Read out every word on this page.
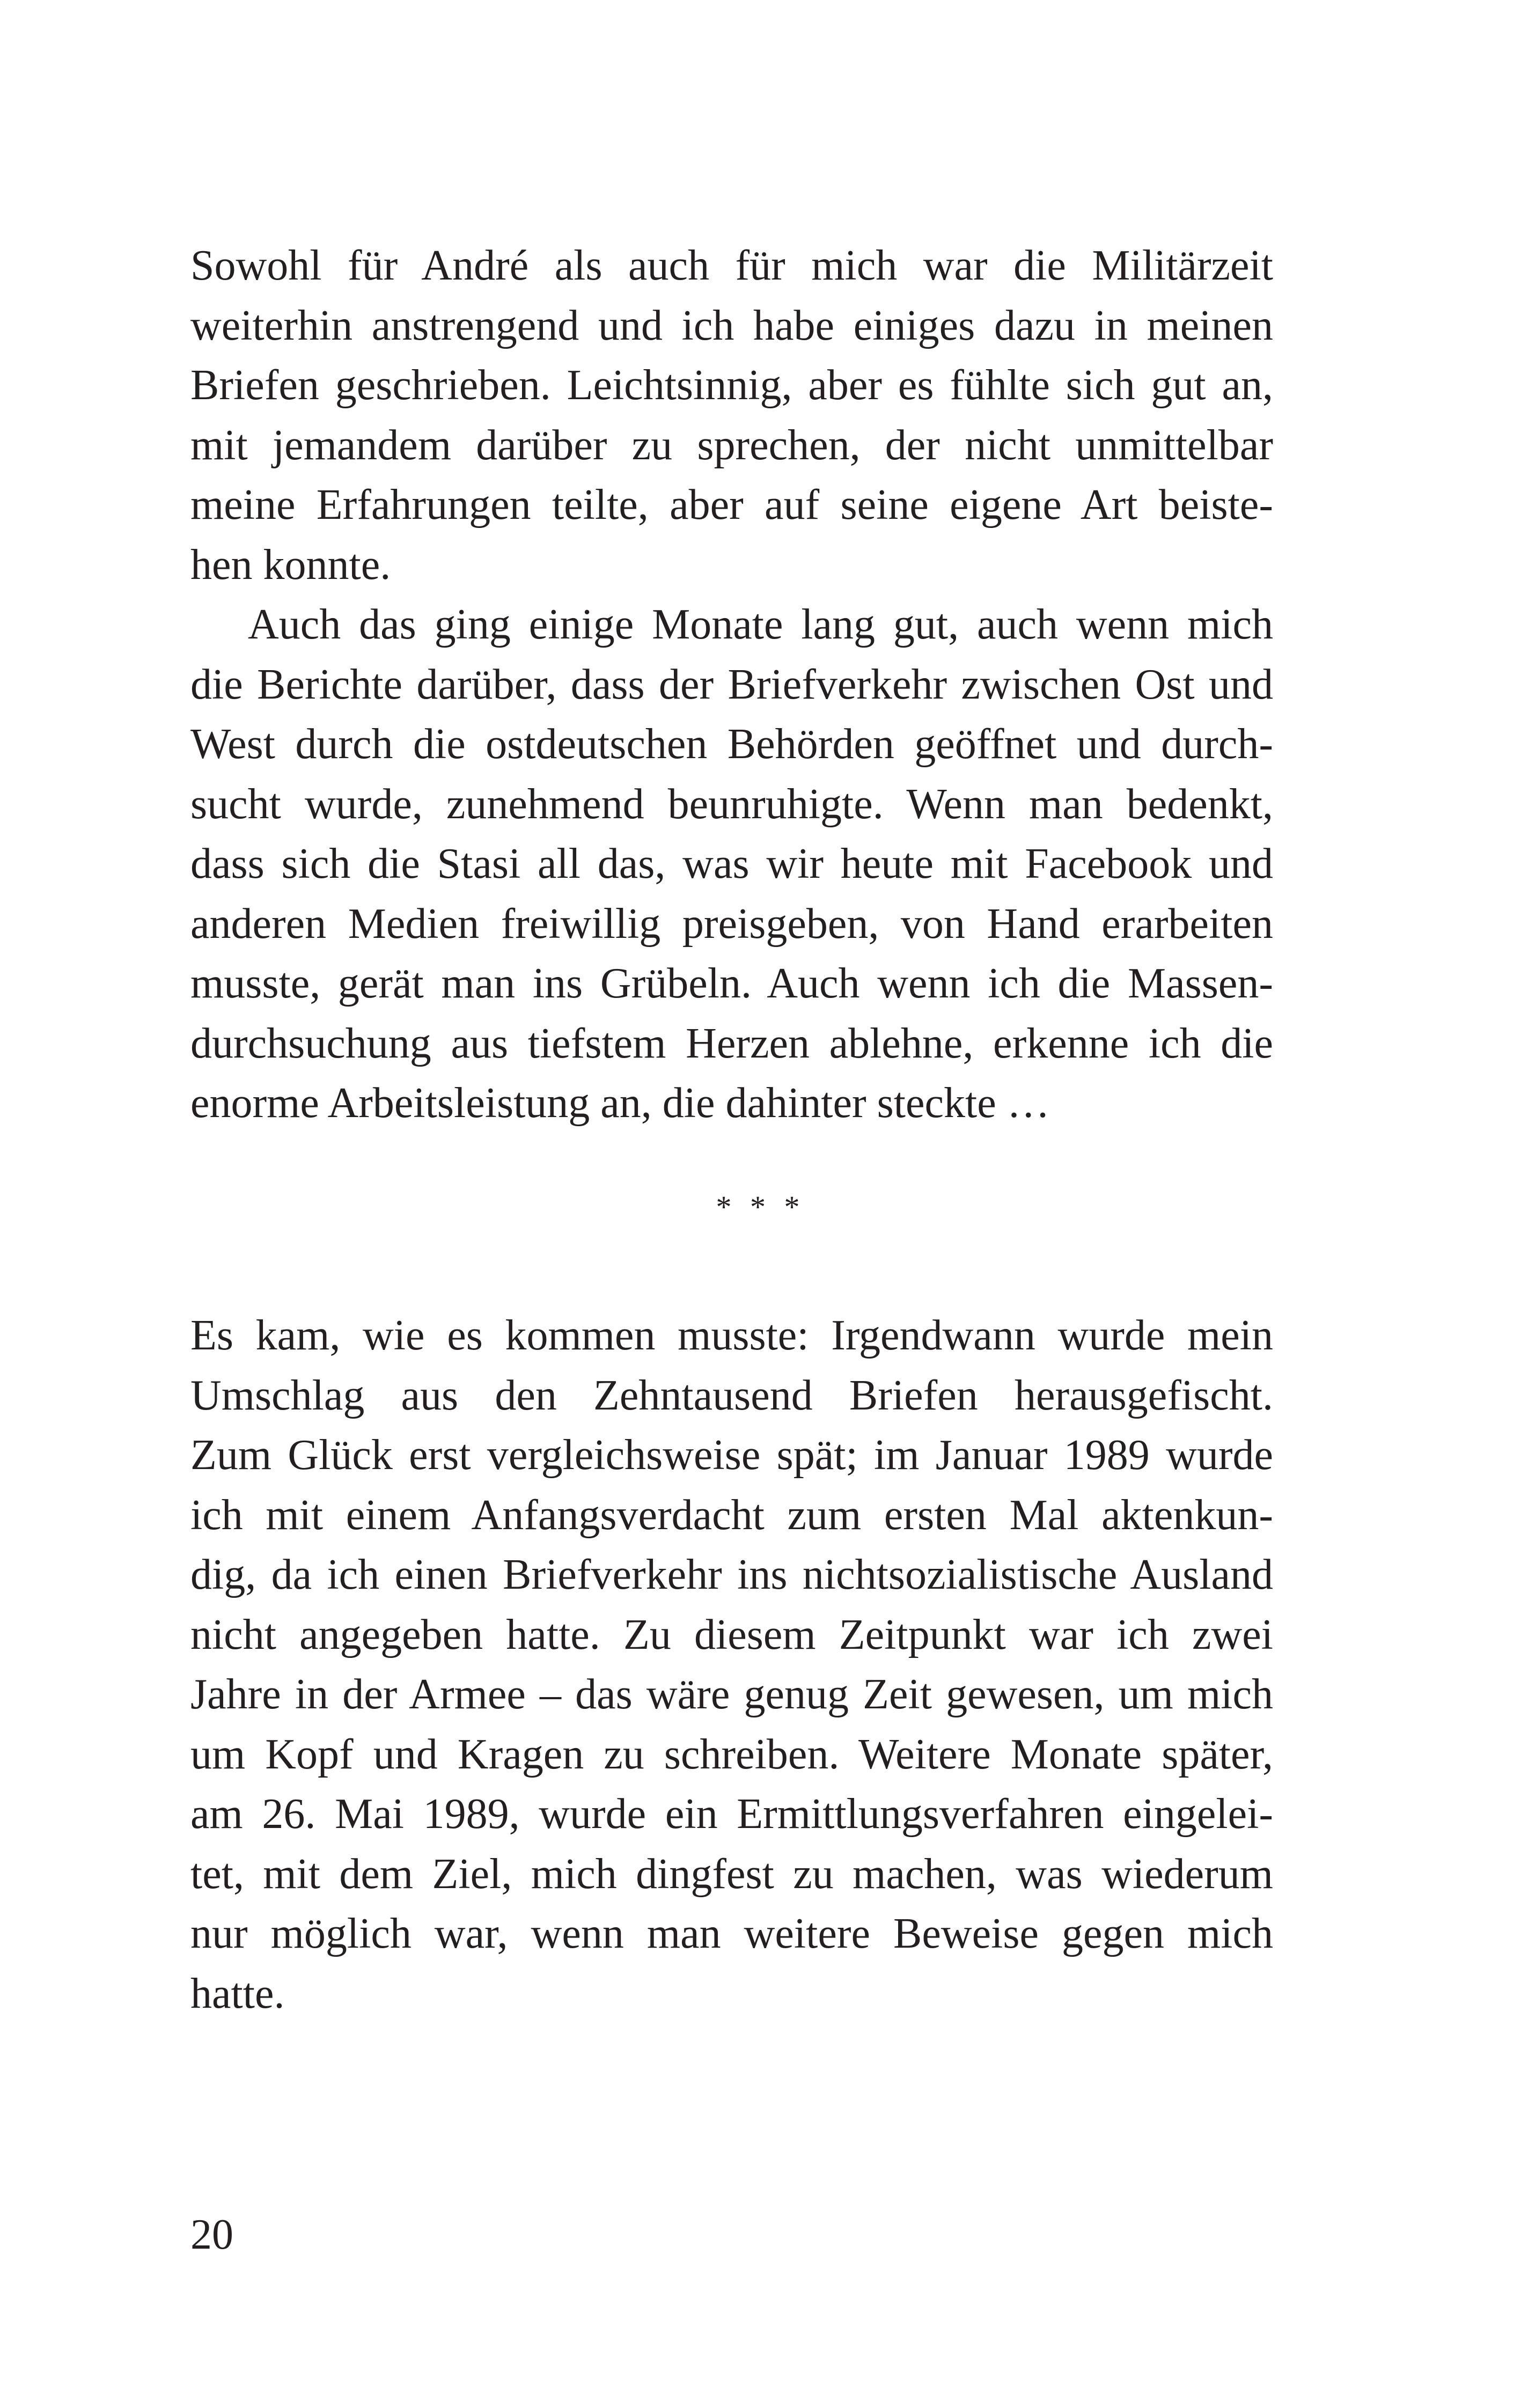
Sowohl für André als auch für mich war die Militärzeit
weiterhin anstrengend und ich habe einiges dazu in meinen
Briefen geschrieben. Leichtsinnig, aber es fühlte sich gut an,
mit jemandem darüber zu sprechen, der nicht unmittelbar
meine Erfahrungen teilte, aber auf seine eigene Art beiste-
hen konnte.
Auch das ging einige Monate lang gut, auch wenn mich
die Berichte darüber, dass der Briefverkehr zwischen Ost und
West durch die ostdeutschen Behörden geöffnet und durch-
sucht wurde, zunehmend beunruhigte. Wenn man bedenkt,
dass sich die Stasi all das, was wir heute mit Facebook und
anderen Medien freiwillig preisgeben, von Hand erarbeiten
musste, gerät man ins Grübeln. Auch wenn ich die Massen-
durchsuchung aus tiefstem Herzen ablehne, erkenne ich die
enorme Arbeitsleistung an, die dahinter steckte …
* * *
Es kam, wie es kommen musste: Irgendwann wurde mein
Umschlag aus den Zehntausend Briefen herausgefischt.
Zum Glück erst vergleichsweise spät; im Januar 1989 wurde
ich mit einem Anfangsverdacht zum ersten Mal aktenkun-
dig, da ich einen Briefverkehr ins nichtsozialistische Ausland
nicht angegeben hatte. Zu diesem Zeitpunkt war ich zwei
Jahre in der Armee – das wäre genug Zeit gewesen, um mich
um Kopf und Kragen zu schreiben. Weitere Monate später,
am 26. Mai 1989, wurde ein Ermittlungsverfahren eingelei-
tet, mit dem Ziel, mich dingfest zu machen, was wiederum
nur möglich war, wenn man weitere Beweise gegen mich
hatte.
20
